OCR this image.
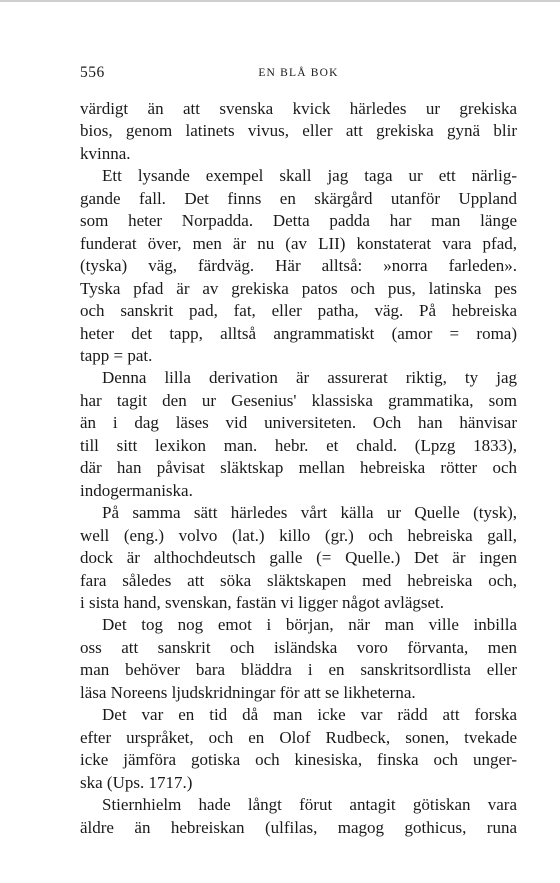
556	EN BLÅ BOK
värdigt än att svenska kvick härledes ur grekiska
bios, genom latinets vivus, eller att grekiska gynä blir
kvinna.
Ett lysande exempel skall jag taga ur ett närlig-
gande fall. Det finns en skärgård utanför Uppland
som heter Norpadda. Detta padda har man länge
funderat över, men är nu (av LII) konstaterat vara pfad,
(tyska) väg, färdväg. Här alltså: »norra farleden».
Tyska pfad är av grekiska patos och pus, latinska pes
och sanskrit pad, fat, eller patha, väg. På hebreiska
heter det tapp, alltså angrammatiskt (amor = roma)
tapp = pat.
Denna lilla derivation är assurerat riktig, ty jag
har tagit den ur Gesenius' klassiska grammatika, som
än i dag läses vid universiteten. Och han hänvisar
till sitt lexikon man. hebr. et chald. (Lpzg 1833),
där han påvisat släktskap mellan hebreiska rötter och
indogermaniska.
På samma sätt härledes vårt källa ur Quelle (tysk),
well (eng.) volvo (lat.) killo (gr.) och hebreiska gall,
dock är althochdeutsch galle (= Quelle.) Det är ingen
fara således att söka släktskapen med hebreiska och,
i sista hand, svenskan, fastän vi ligger något avlägset.
Det tog nog emot i början, när man ville inbilla
oss att sanskrit och isländska voro förvanta, men
man behöver bara bläddra i en sanskritsordlista eller
läsa Noreens ljudskridningar för att se likheterna.
Det var en tid då man icke var rädd att forska
efter urspråket, och en Olof Rudbeck, sonen, tvekade
icke jämföra gotiska och kinesiska, finska och unger-
ska (Ups. 1717.)
Stiernhielm hade långt förut antagit götiskan vara
äldre än hebreiskan (ulfilas, magog gothicus, runa
